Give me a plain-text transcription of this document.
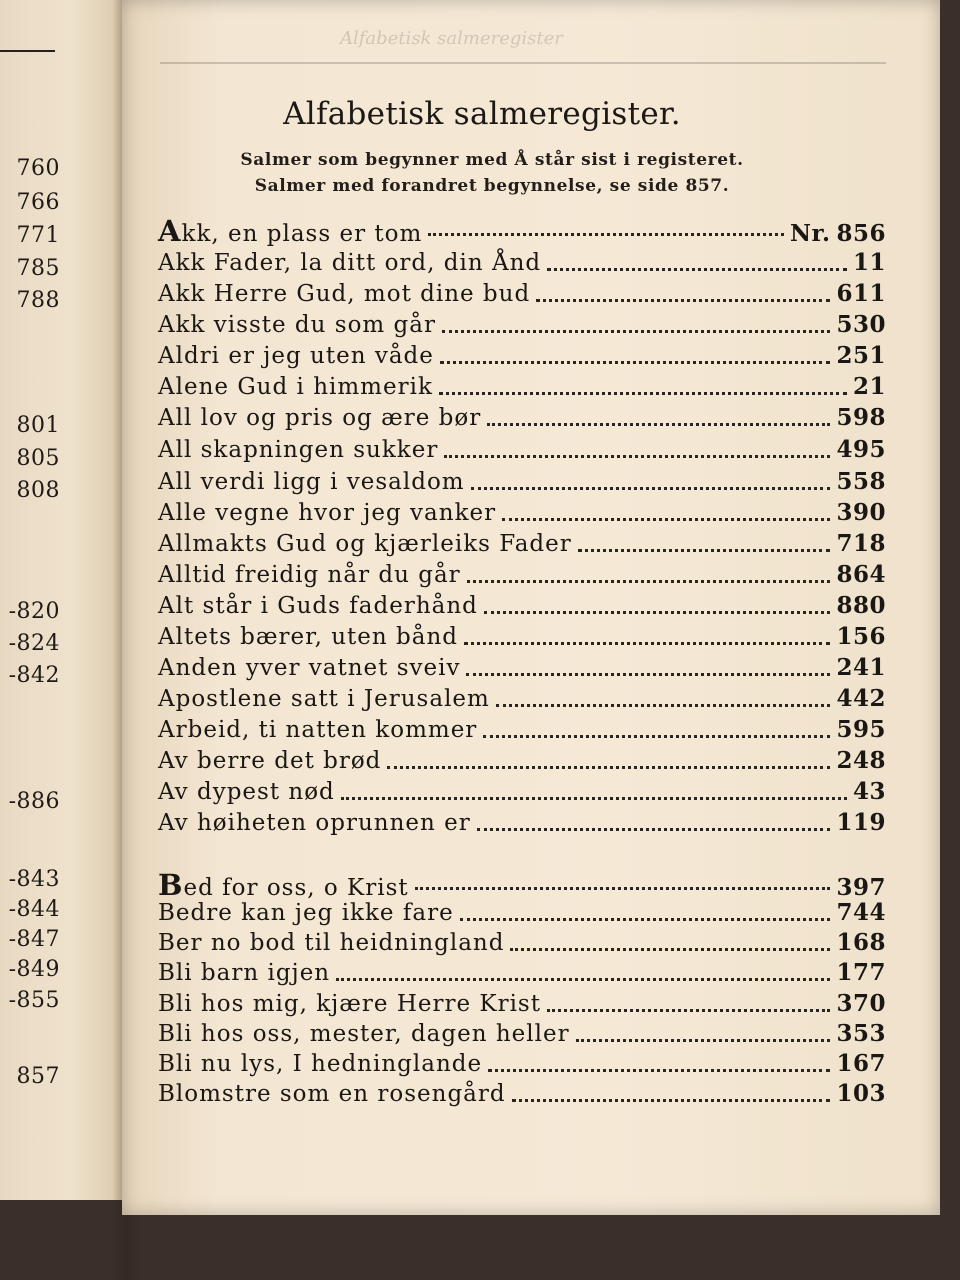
760
766
771
785
788
801
805
808
-820
-824
-842
-886
-843
-844
-847
-849
-855
857
Alfabetisk salmeregister
Alfabetisk salmeregister.
Salmer som begynner med Å står sist i registeret.
Salmer med forandret begynnelse, se side 857.
Akk, en plass er tom	Nr. 856
Akk Fader, la ditt ord, din Ånd	11
Akk Herre Gud, mot dine bud	611
Akk visste du som går	530
Aldri er jeg uten våde	251
Alene Gud i himmerik	21
All lov og pris og ære bør	598
All skapningen sukker	495
All verdi ligg i vesaldom	558
Alle vegne hvor jeg vanker	390
Allmakts Gud og kjærleiks Fader	718
Alltid freidig når du går	864
Alt står i Guds faderhånd	880
Altets bærer, uten bånd	156
Anden yver vatnet sveiv	241
Apostlene satt i Jerusalem	442
Arbeid, ti natten kommer	595
Av berre det brød	248
Av dypest nød	43
Av høiheten oprunnen er	119
Bed for oss, o Krist	397
Bedre kan jeg ikke fare	744
Ber no bod til heidningland	168
Bli barn igjen	177
Bli hos mig, kjære Herre Krist	370
Bli hos oss, mester, dagen heller	353
Bli nu lys, I hedninglande	167
Blomstre som en rosengård	103
